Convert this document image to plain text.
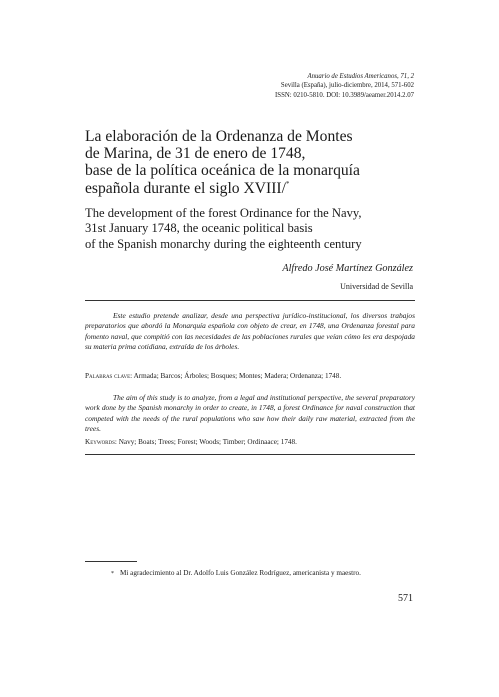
Anuario de Estudios Americanos, 71, 2
Sevilla (España), julio-diciembre, 2014, 571-602
ISSN: 0210-5810. DOI: 10.3989/aeamer.2014.2.07
La elaboración de la Ordenanza de Montes
de Marina, de 31 de enero de 1748,
base de la política oceánica de la monarquía
española durante el siglo XVIII/*
The development of the forest Ordinance for the Navy,
31st January 1748, the oceanic political basis
of the Spanish monarchy during the eighteenth century
Alfredo José Martínez González
Universidad de Sevilla

Este estudio pretende analizar, desde una perspectiva jurídico-institucional, los diversos trabajos preparatorios que abordó la Monarquía española con objeto de crear, en 1748, una Ordenanza forestal para fomento naval, que compitió con las necesidades de las poblaciones rurales que veían cómo les era despojada su materia prima cotidiana, extraída de los árboles.

Palabras clave: Armada; Barcos; Árboles; Bosques; Montes; Madera; Ordenanza; 1748.

The aim of this study is to analyze, from a legal and institutional perspective, the several preparatory work done by the Spanish monarchy in order to create, in 1748, a forest Ordinance for naval construction that competed with the needs of the rural populations who saw how their daily raw material, extracted from the trees.

Keywords: Navy; Boats; Trees; Forest; Woods; Timber; Ordinaace; 1748.

* Mi agradecimiento al Dr. Adolfo Luis González Rodríguez, americanista y maestro.
571
